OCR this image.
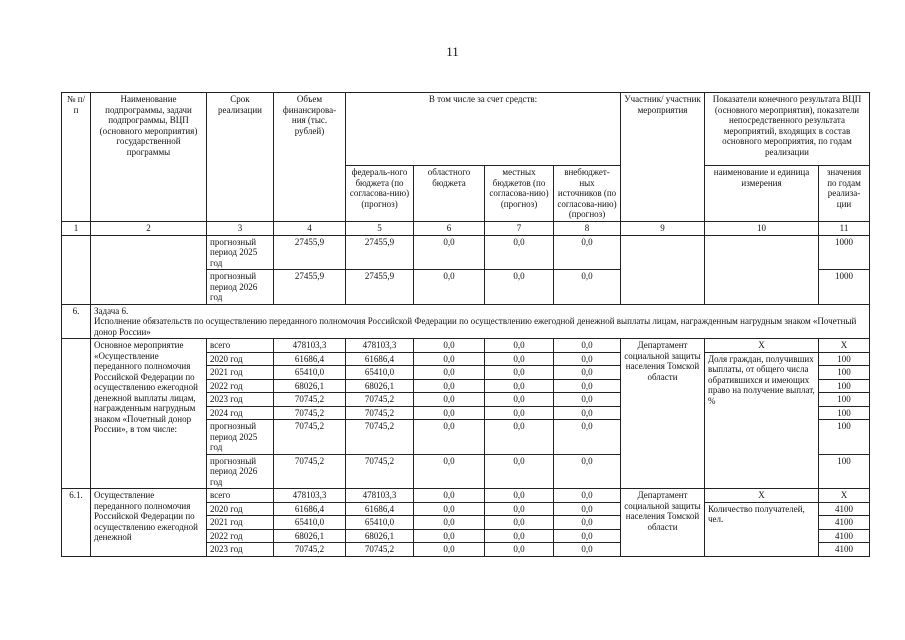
11
№ п/п	Наименование подпрограммы, задачи подпрограммы, ВЦП (основного мероприятия) государственной программы	Срок реализации	Объем финансирова-ния (тыс. рублей)	В том числе за счет средств:				Участник/ участник мероприятия	Показатели конечного результата ВЦП (основного мероприятия), показатели непосредственного результата мероприятий, входящих в состав основного мероприятия, по годам реализации	
				федераль-ного бюджета (по согласова-нию) (прогноз)	областного бюджета	местных бюджетов (по согласова-нию) (прогноз)	внебюджет-ных источников (по согласова-нию) (прогноз)		наименование и единица измерения	значения по годам реализа-ции
1	2	3	4	5	6	7	8	9	10	11
		прогнозный период 2025 год	27455,9	27455,9	0,0	0,0	0,0			1000
		прогнозный период 2026 год	27455,9	27455,9	0,0	0,0	0,0			1000
6.	Задача 6.
Исполнение обязательств по осуществлению переданного полномочия Российской Федерации по осуществлению ежегодной денежной выплаты лицам, награжденным нагрудным знаком «Почетный донор России»									

	Основное мероприятие «Осуществление переданного полномочия Российской Федерации по осуществлению ежегодной денежной выплаты лицам, награжденным нагрудным знаком «Почетный донор России», в том числе:	всего	478103,3	478103,3	0,0	0,0	0,0	Департамент социальной защиты населения Томской области	Х	Х
		2020 год	61686,4	61686,4	0,0	0,0	0,0		Доля граждан, получивших выплаты, от общего числа обратившихся и имеющих право на получение выплат, %	100
		2021 год	65410,0	65410,0	0,0	0,0	0,0			100
		2022 год	68026,1	68026,1	0,0	0,0	0,0			100
		2023 год	70745,2	70745,2	0,0	0,0	0,0			100
		2024 год	70745,2	70745,2	0,0	0,0	0,0			100
		прогнозный период 2025 год	70745,2	70745,2	0,0	0,0	0,0			100
		прогнозный период 2026 год	70745,2	70745,2	0,0	0,0	0,0			100
6.1.	Осуществление переданного полномочия Российской Федерации по осуществлению ежегодной денежной	всего	478103,3	478103,3	0,0	0,0	0,0	Департамент социальной защиты населения Томской области	Х	Х
		2020 год	61686,4	61686,4	0,0	0,0	0,0		Количество получателей, чел.	4100
		2021 год	65410,0	65410,0	0,0	0,0	0,0			4100
		2022 год	68026,1	68026,1	0,0	0,0	0,0			4100
		2023 год	70745,2	70745,2	0,0	0,0	0,0			4100
